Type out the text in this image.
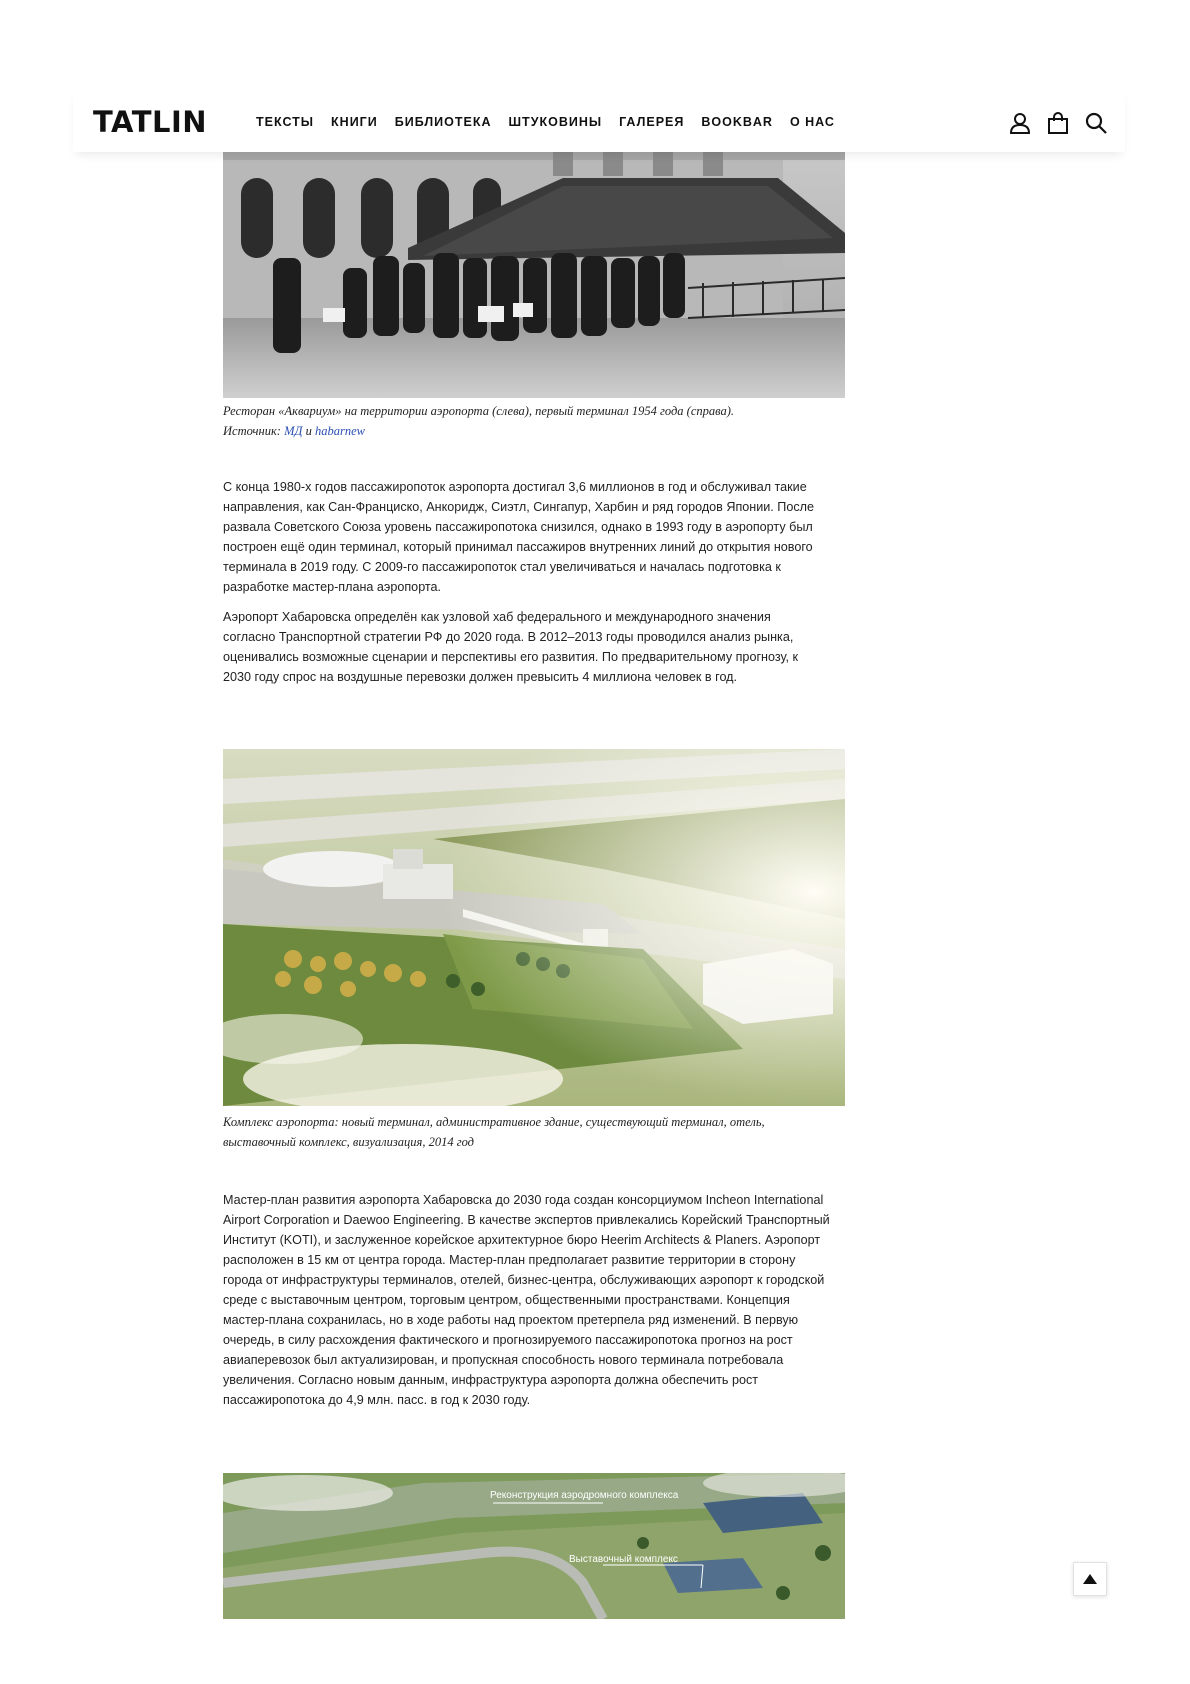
TATLIN	ТЕКСТЫ КНИГИ БИБЛИОТЕКА ШТУКОВИНЫ ГАЛЕРЕЯ BOOKBAR О НАС
Ресторан «Аквариум» на территории аэропорта (слева), первый терминал 1954 года (справа).
Источник: МД и habarnew

С конца 1980-х годов пассажиропоток аэропорта достигал 3,6 миллионов в год и обслуживал такие направления, как Сан-Франциско, Анкоридж, Сиэтл, Сингапур, Харбин и ряд городов Японии. После развала Советского Союза уровень пассажиропотока снизился, однако в 1993 году в аэропорту был построен ещё один терминал, который принимал пассажиров внутренних линий до открытия нового терминала в 2019 году. С 2009-го пассажиропоток стал увеличиваться и началась подготовка к разработке мастер-плана аэропорта.

Аэропорт Хабаровска определён как узловой хаб федерального и международного значения согласно Транспортной стратегии РФ до 2020 года. В 2012–2013 годы проводился анализ рынка, оценивались возможные сценарии и перспективы его развития. По предварительному прогнозу, к 2030 году спрос на воздушные перевозки должен превысить 4 миллиона человек в год.

Комплекс аэропорта: новый терминал, административное здание, существующий терминал, отель, выставочный комплекс, визуализация, 2014 год

Мастер-план развития аэропорта Хабаровска до 2030 года создан консорциумом Incheon International Airport Corporation и Daewoo Engineering. В качестве экспертов привлекались Корейский Транспортный Институт (KOTI), и заслуженное корейское архитектурное бюро Heerim Architects & Planers. Аэропорт расположен в 15 км от центра города. Мастер-план предполагает развитие территории в сторону города от инфраструктуры терминалов, отелей, бизнес-центра, обслуживающих аэропорт к городской среде с выставочным центром, торговым центром, общественными пространствами. Концепция мастер-плана сохранилась, но в ходе работы над проектом претерпела ряд изменений. В первую очередь, в силу расхождения фактического и прогнозируемого пассажиропотока прогноз на рост авиаперевозок был актуализирован, и пропускная способность нового терминала потребовала увеличения. Согласно новым данным, инфраструктура аэропорта должна обеспечить рост пассажиропотока до 4,9 млн. пасс. в год к 2030 году.

Реконструкция аэродромного комплекса
Выставочный комплекс
